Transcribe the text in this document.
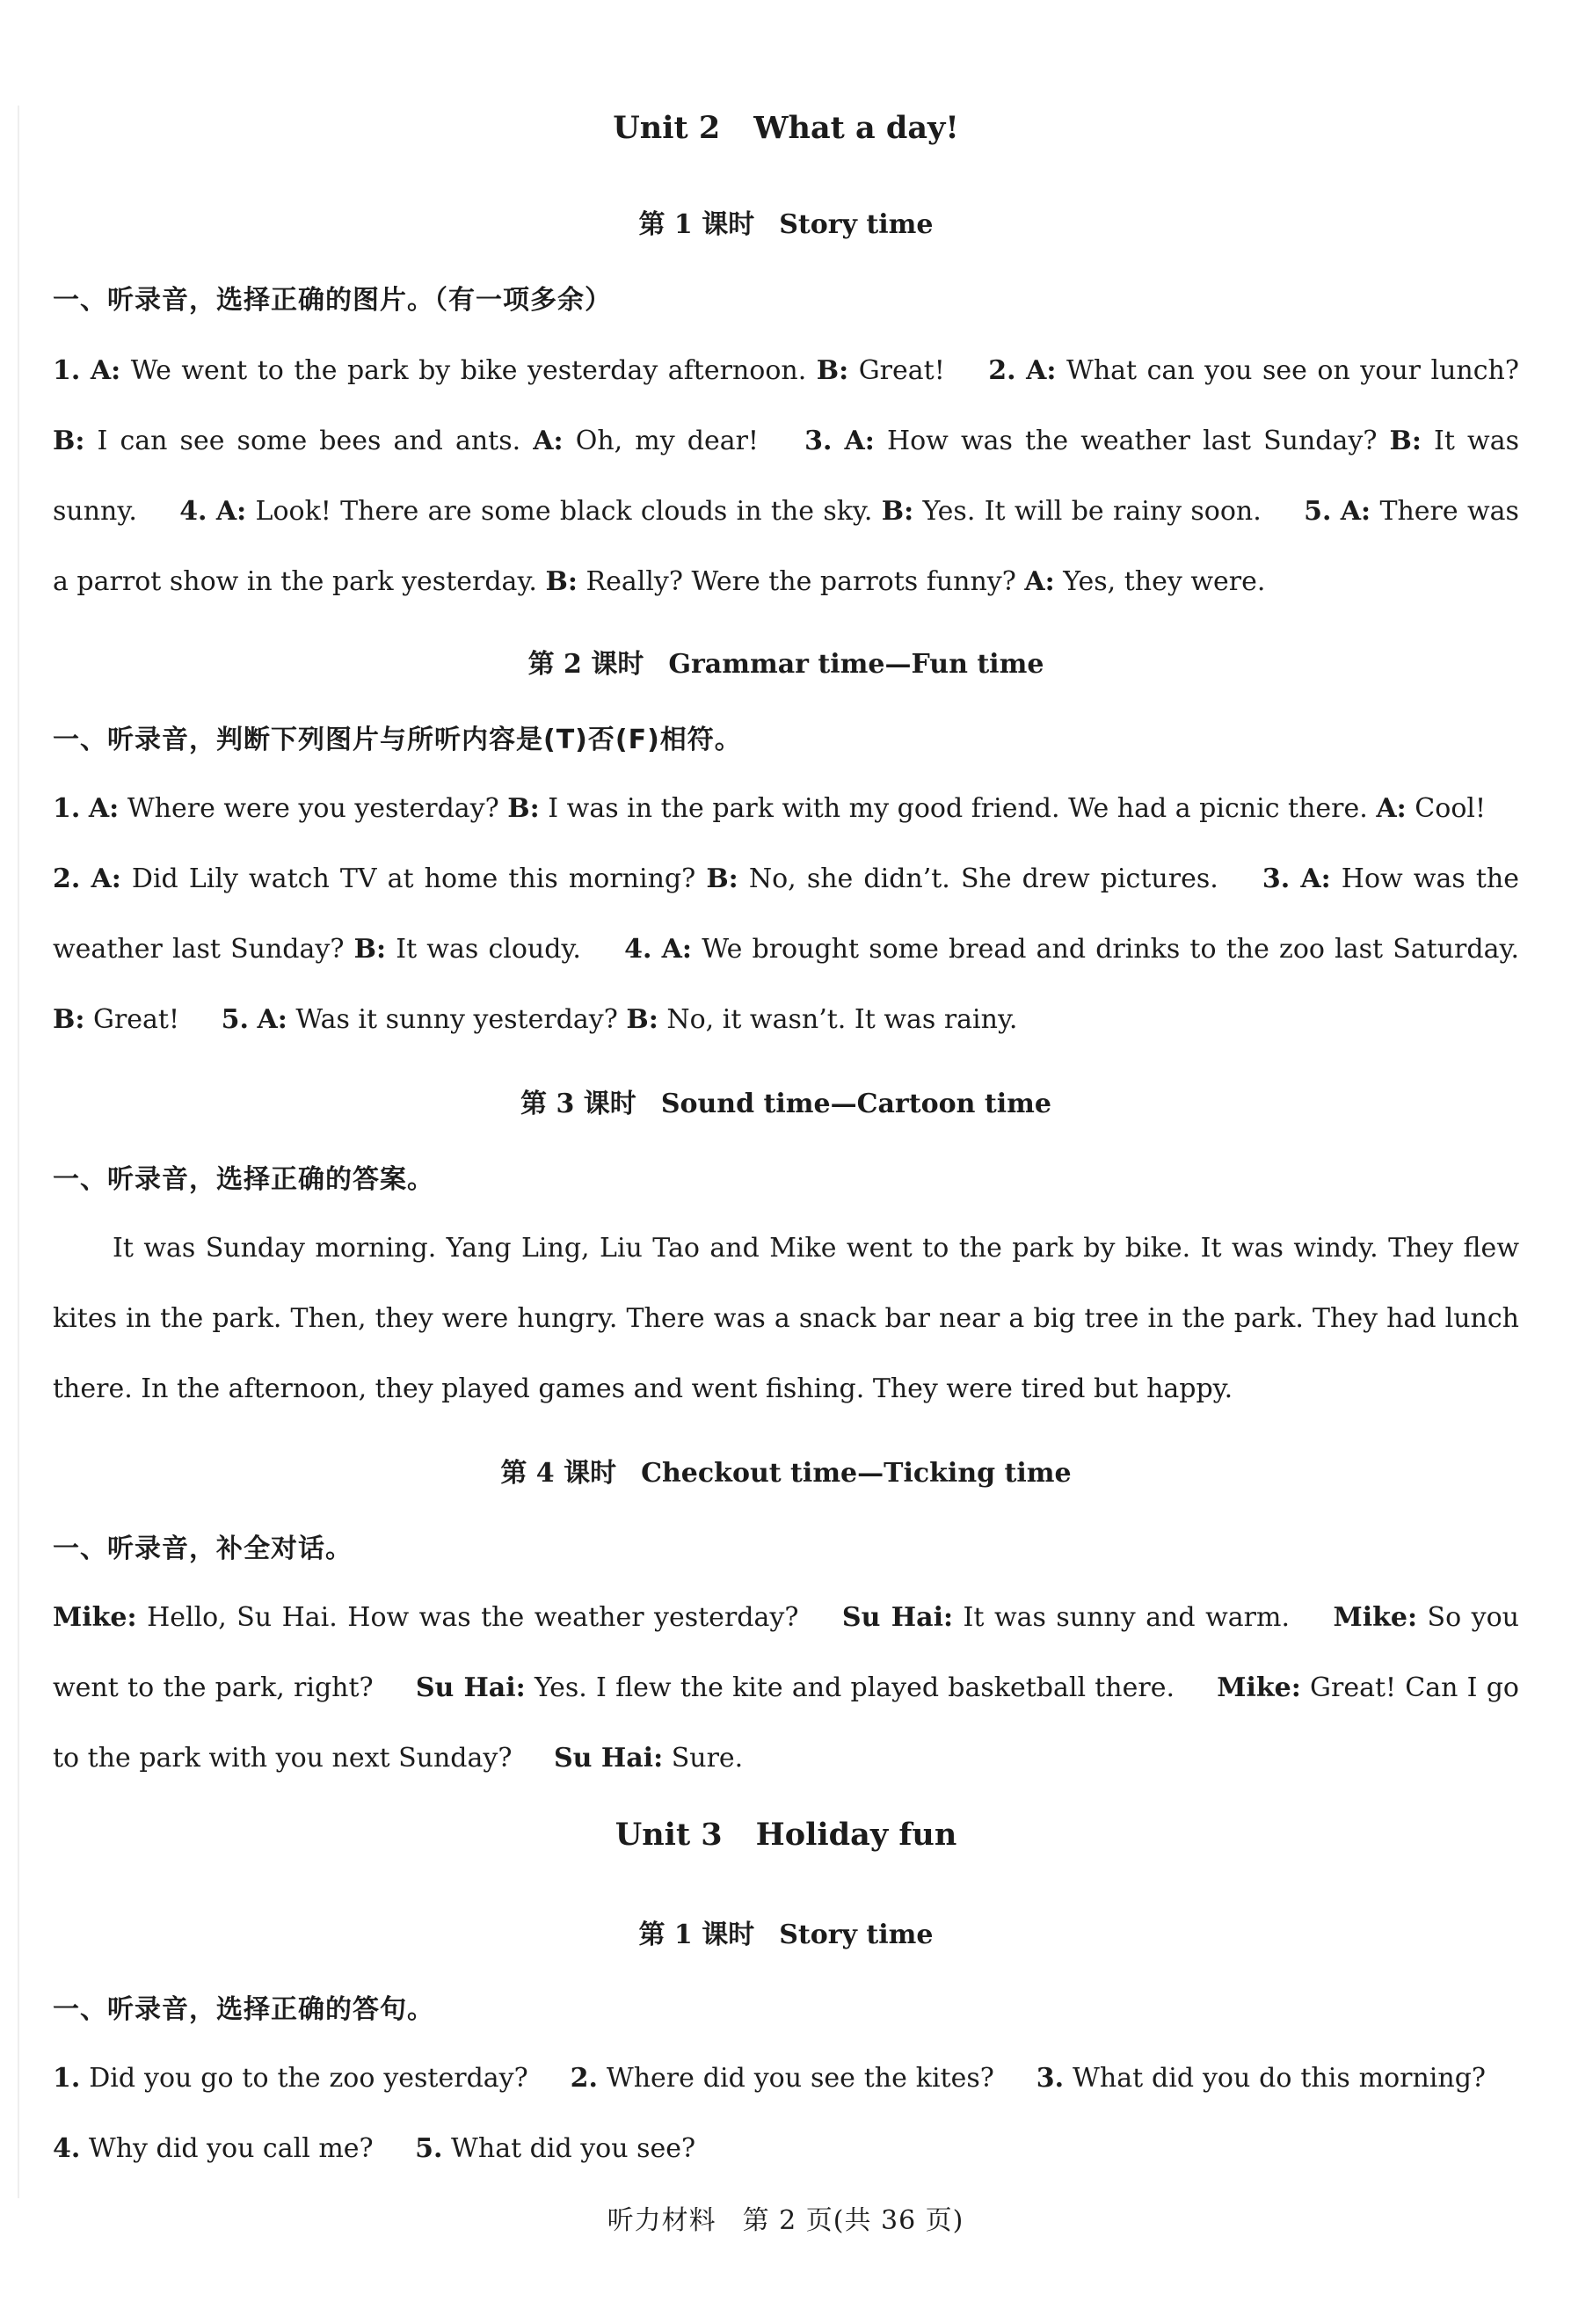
Unit 2 What a day!
第 1 课时 Story time
一、听录音，选择正确的图片。（有一项多余）
1. A: We went to the park by bike yesterday afternoon. B: Great! 2. A: What can you see on your lunch? B: I can see some bees and ants. A: Oh, my dear! 3. A: How was the weather last Sunday? B: It was sunny. 4. A: Look! There are some black clouds in the sky. B: Yes. It will be rainy soon. 5. A: There was a parrot show in the park yesterday. B: Really? Were the parrots funny? A: Yes, they were.
第 2 课时 Grammar time—Fun time
一、听录音，判断下列图片与所听内容是(T)否(F)相符。
1. A: Where were you yesterday? B: I was in the park with my good friend. We had a picnic there. A: Cool! 2. A: Did Lily watch TV at home this morning? B: No, she didn’t. She drew pictures. 3. A: How was the weather last Sunday? B: It was cloudy. 4. A: We brought some bread and drinks to the zoo last Saturday. B: Great! 5. A: Was it sunny yesterday? B: No, it wasn’t. It was rainy.
第 3 课时 Sound time—Cartoon time
一、听录音，选择正确的答案。
It was Sunday morning. Yang Ling, Liu Tao and Mike went to the park by bike. It was windy. They flew kites in the park. Then, they were hungry. There was a snack bar near a big tree in the park. They had lunch there. In the afternoon, they played games and went fishing. They were tired but happy.
第 4 课时 Checkout time—Ticking time
一、听录音，补全对话。
Mike: Hello, Su Hai. How was the weather yesterday? Su Hai: It was sunny and warm. Mike: So you went to the park, right? Su Hai: Yes. I flew the kite and played basketball there. Mike: Great! Can I go to the park with you next Sunday? Su Hai: Sure.
Unit 3 Holiday fun
第 1 课时 Story time
一、听录音，选择正确的答句。
1. Did you go to the zoo yesterday? 2. Where did you see the kites? 3. What did you do this morning? 4. Why did you call me? 5. What did you see?
听力材料 第 2 页(共 36 页)
